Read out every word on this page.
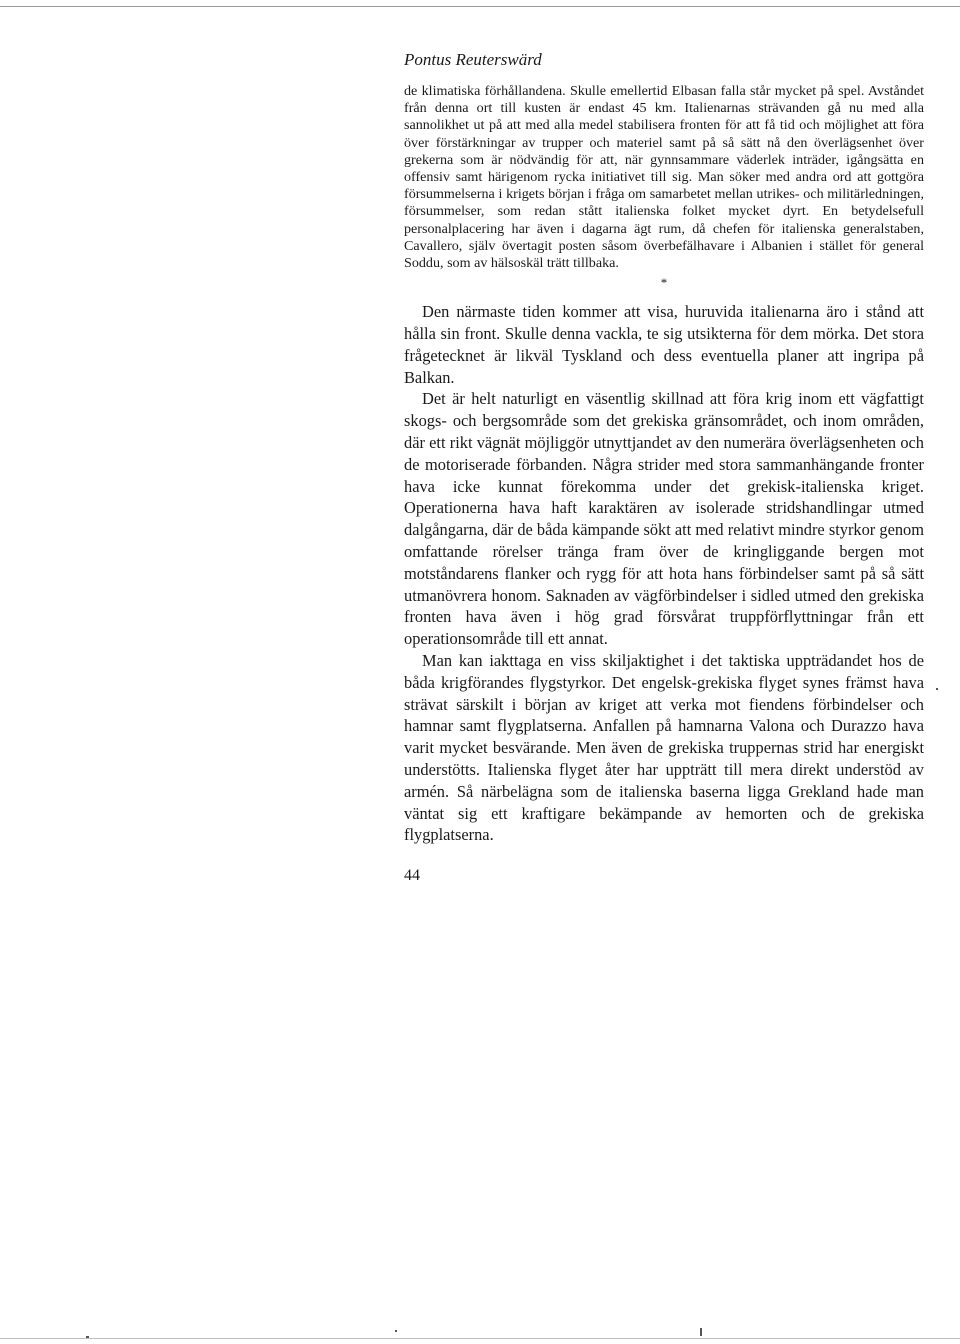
Pontus Reuterswärd

de klimatiska förhållandena. Skulle emellertid Elbasan falla står mycket på spel. Avståndet från denna ort till kusten är endast 45 km. Italienarnas strävanden gå nu med alla sannolikhet ut på att med alla medel stabilisera fronten för att få tid och möjlighet att föra över förstärkningar av trupper och materiel samt på så sätt nå den överlägsenhet över grekerna som är nödvändig för att, när gynnsammare väderlek inträder, igångsätta en offensiv samt härigenom rycka initiativet till sig. Man söker med andra ord att gottgöra försummelserna i krigets början i fråga om samarbetet mellan utrikes- och militärledningen, försummelser, som redan stått italienska folket mycket dyrt. En betydelsefull personalplacering har även i dagarna ägt rum, då chefen för italienska generalstaben, Cavallero, själv övertagit posten såsom överbefälhavare i Albanien i stället för general Soddu, som av hälsoskäl trätt tillbaka.

*

Den närmaste tiden kommer att visa, huruvida italienarna äro i stånd att hålla sin front. Skulle denna vackla, te sig utsikterna för dem mörka. Det stora frågetecknet är likväl Tyskland och dess eventuella planer att ingripa på Balkan.

Det är helt naturligt en väsentlig skillnad att föra krig inom ett vägfattigt skogs- och bergsområde som det grekiska gränsområdet, och inom områden, där ett rikt vägnät möjliggör utnyttjandet av den numerära överlägsenheten och de motoriserade förbanden. Några strider med stora sammanhängande fronter hava icke kunnat förekomma under det grekisk-italienska kriget. Operationerna hava haft karaktären av isolerade stridshandlingar utmed dalgångarna, där de båda kämpande sökt att med relativt mindre styrkor genom omfattande rörelser tränga fram över de kringliggande bergen mot motståndarens flanker och rygg för att hota hans förbindelser samt på så sätt utmanövrera honom. Saknaden av vägförbindelser i sidled utmed den grekiska fronten hava även i hög grad försvårat truppförflyttningar från ett operationsområde till ett annat.

Man kan iakttaga en viss skiljaktighet i det taktiska uppträdandet hos de båda krigförandes flygstyrkor. Det engelsk-grekiska flyget synes främst hava strävat särskilt i början av kriget att verka mot fiendens förbindelser och hamnar samt flygplatserna. Anfallen på hamnarna Valona och Durazzo hava varit mycket besvärande. Men även de grekiska truppernas strid har energiskt understötts. Italienska flyget åter har uppträtt till mera direkt understöd av armén. Så närbelägna som de italienska baserna ligga Grekland hade man väntat sig ett kraftigare bekämpande av hemorten och de grekiska flygplatserna.

44
